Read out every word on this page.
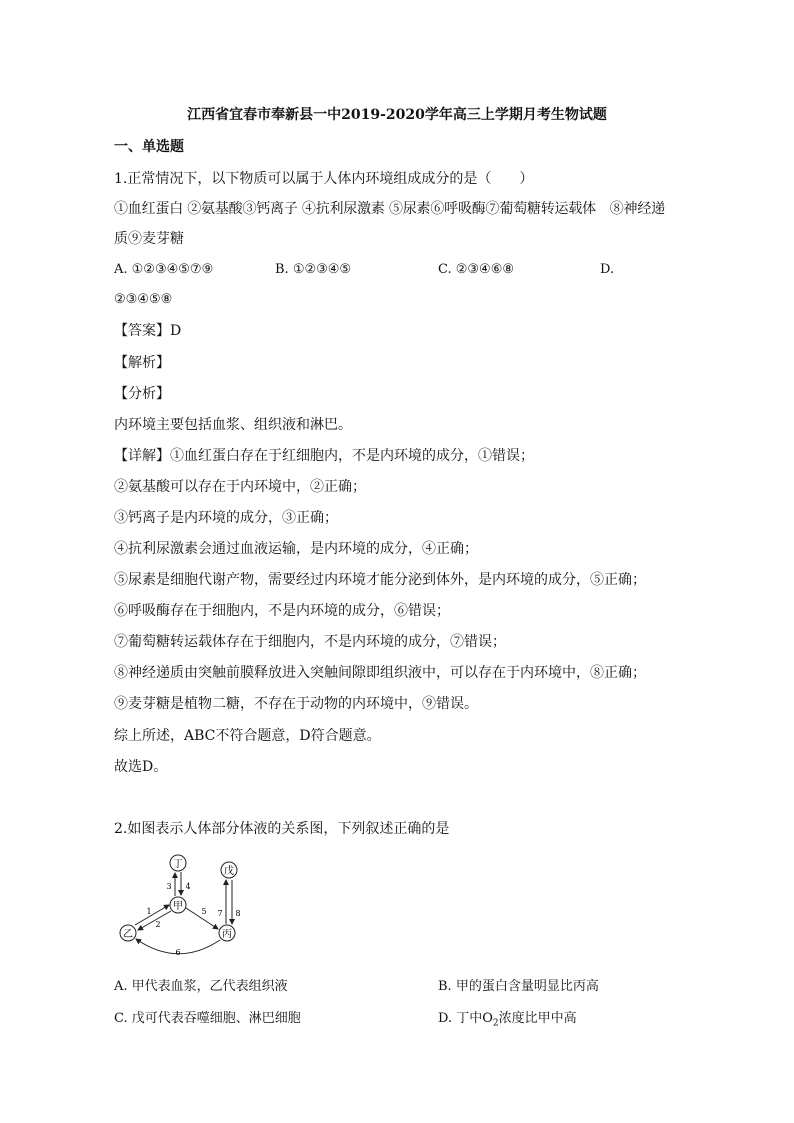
江西省宜春市奉新县一中2019-2020学年高三上学期月考生物试题
一、单选题
1.正常情况下，以下物质可以属于人体内环境组成成分的是（　　）
①血红蛋白 ②氨基酸③钙离子 ④抗利尿激素 ⑤尿素⑥呼吸酶⑦葡萄糖转运载体　⑧神经递
质⑨麦芽糖
A. ①②③④⑤⑦⑨	B. ①②③④⑤	C. ②③④⑥⑧	D.
②③④⑤⑧
【答案】D
【解析】
【分析】
内环境主要包括血浆、组织液和淋巴。
【详解】①血红蛋白存在于红细胞内，不是内环境的成分，①错误；
②氨基酸可以存在于内环境中，②正确；
③钙离子是内环境的成分，③正确；
④抗利尿激素会通过血液运输，是内环境的成分，④正确；
⑤尿素是细胞代谢产物，需要经过内环境才能分泌到体外，是内环境的成分，⑤正确；
⑥呼吸酶存在于细胞内，不是内环境的成分，⑥错误；
⑦葡萄糖转运载体存在于细胞内，不是内环境的成分，⑦错误；
⑧神经递质由突触前膜释放进入突触间隙即组织液中，可以存在于内环境中，⑧正确；
⑨麦芽糖是植物二糖，不存在于动物的内环境中，⑨错误。
综上所述，ABC不符合题意，D符合题意。
故选D。
2.如图表示人体部分体液的关系图，下列叙述正确的是
丁
甲
乙	丙
戊
3 4
1
2
5 7 8
6
A. 甲代表血浆，乙代表组织液	B. 甲的蛋白含量明显比丙高
C. 戊可代表吞噬细胞、淋巴细胞	D. 丁中$O_2$浓度比甲中高
